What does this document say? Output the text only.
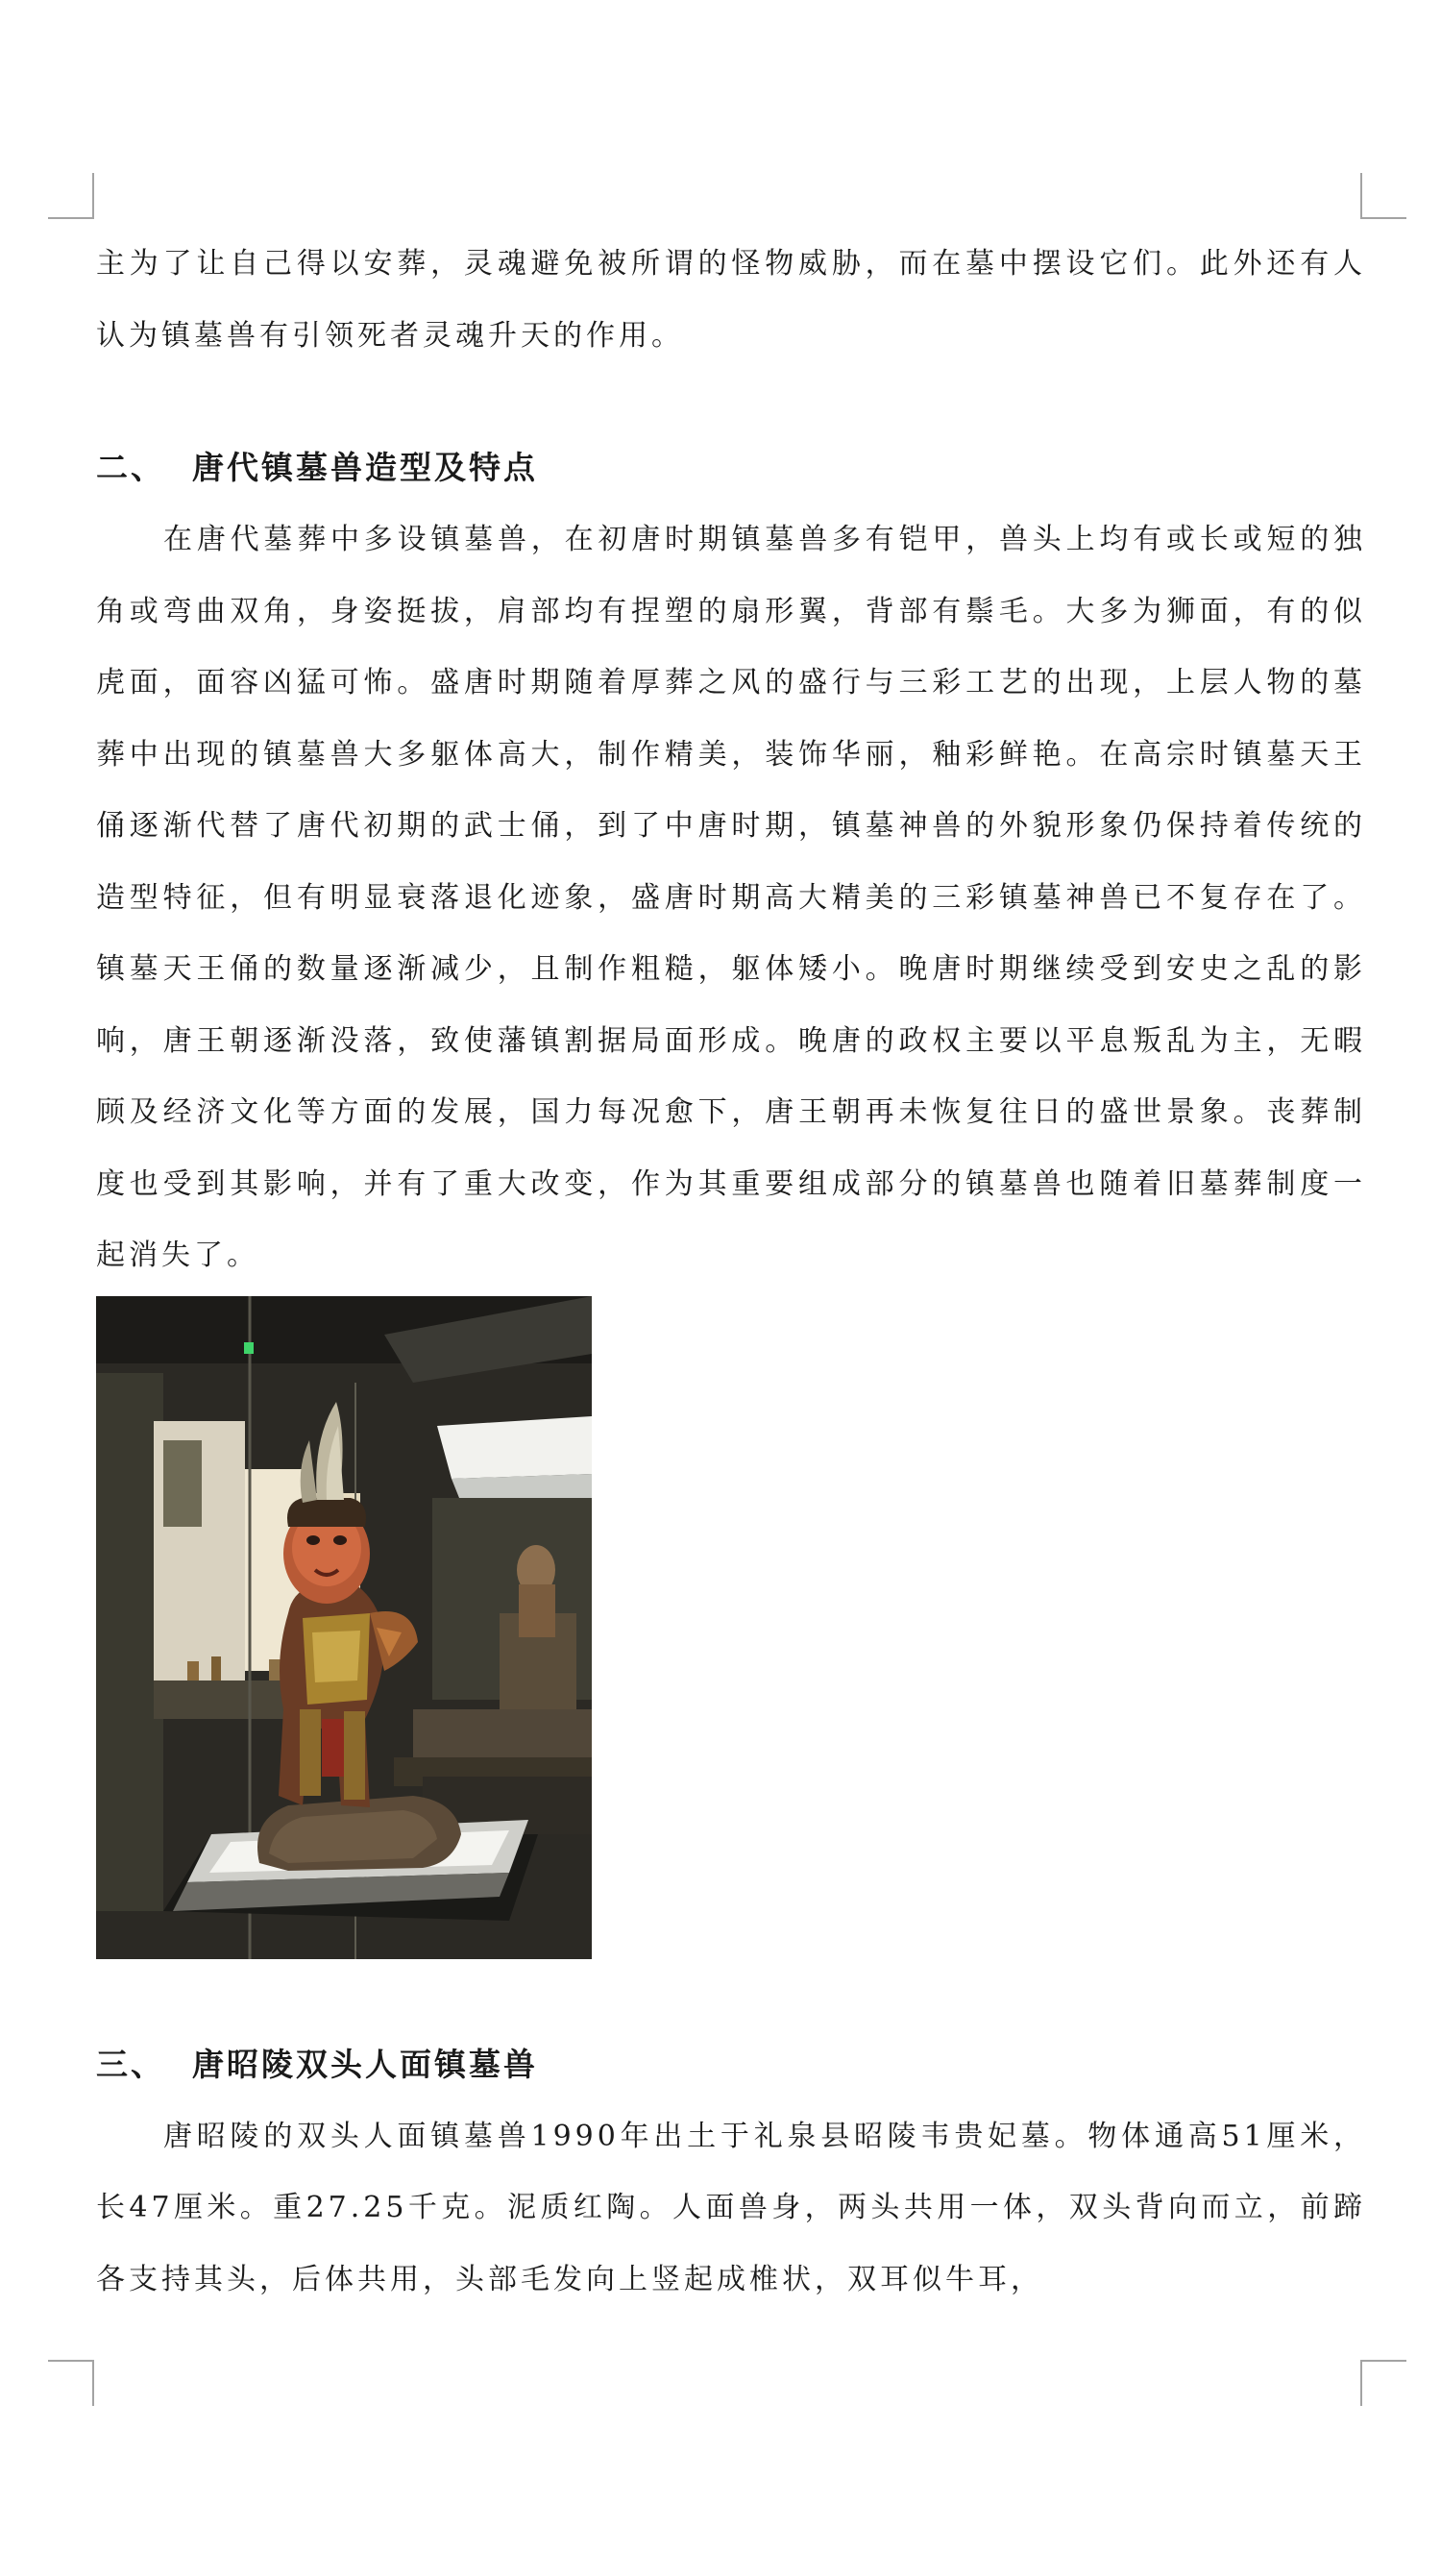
主为了让自己得以安葬，灵魂避免被所谓的怪物威胁，而在墓中摆设它们。此外还有人认为镇墓兽有引领死者灵魂升天的作用。

二、 唐代镇墓兽造型及特点

在唐代墓葬中多设镇墓兽，在初唐时期镇墓兽多有铠甲，兽头上均有或长或短的独角或弯曲双角，身姿挺拔，肩部均有捏塑的扇形翼，背部有鬃毛。大多为狮面，有的似虎面，面容凶猛可怖。盛唐时期随着厚葬之风的盛行与三彩工艺的出现，上层人物的墓葬中出现的镇墓兽大多躯体高大，制作精美，装饰华丽，釉彩鲜艳。在高宗时镇墓天王俑逐渐代替了唐代初期的武士俑，到了中唐时期，镇墓神兽的外貌形象仍保持着传统的造型特征，但有明显衰落退化迹象，盛唐时期高大精美的三彩镇墓神兽已不复存在了。镇墓天王俑的数量逐渐减少，且制作粗糙，躯体矮小。晚唐时期继续受到安史之乱的影响，唐王朝逐渐没落，致使藩镇割据局面形成。晚唐的政权主要以平息叛乱为主，无暇顾及经济文化等方面的发展，国力每况愈下，唐王朝再未恢复往日的盛世景象。丧葬制度也受到其影响，并有了重大改变，作为其重要组成部分的镇墓兽也随着旧墓葬制度一起消失了。

三、 唐昭陵双头人面镇墓兽

唐昭陵的双头人面镇墓兽1990年出土于礼泉县昭陵韦贵妃墓。物体通高51厘米，长47厘米。重27.25千克。泥质红陶。人面兽身，两头共用一体，双头背向而立，前蹄各支持其头，后体共用，头部毛发向上竖起成椎状，双耳似牛耳，
